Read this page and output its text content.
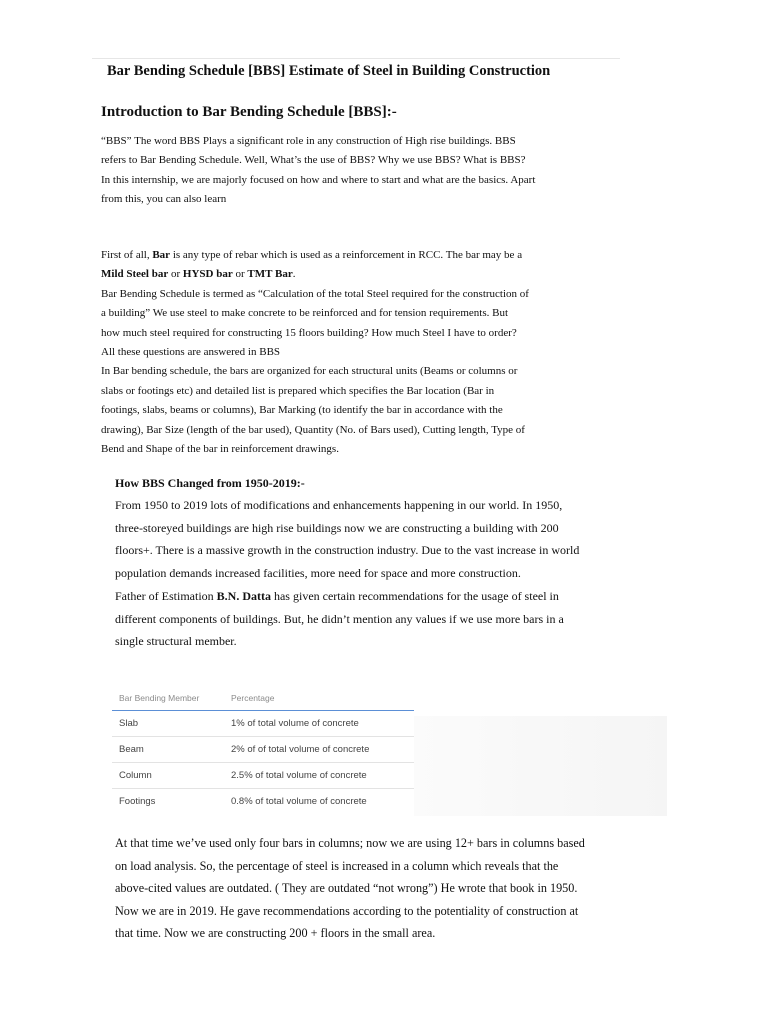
Bar Bending Schedule [BBS] Estimate of Steel in Building Construction
Introduction to Bar Bending Schedule [BBS]:-
“BBS” The word BBS Plays a significant role in any construction of High rise buildings. BBS
refers to Bar Bending Schedule. Well, What’s the use of BBS? Why we use BBS? What is BBS?
In this internship, we are majorly focused on how and where to start and what are the basics. Apart
from this, you can also learn
First of all, Bar is any type of rebar which is used as a reinforcement in RCC. The bar may be a
Mild Steel bar or HYSD bar or TMT Bar.
Bar Bending Schedule is termed as “Calculation of the total Steel required for the construction of
a building” We use steel to make concrete to be reinforced and for tension requirements. But
how much steel required for constructing 15 floors building? How much Steel I have to order?
All these questions are answered in BBS
In Bar bending schedule, the bars are organized for each structural units (Beams or columns or
slabs or footings etc) and detailed list is prepared which specifies the Bar location (Bar in
footings, slabs, beams or columns), Bar Marking (to identify the bar in accordance with the
drawing), Bar Size (length of the bar used), Quantity (No. of Bars used), Cutting length, Type of
Bend and Shape of the bar in reinforcement drawings.
How BBS Changed from 1950-2019:-
From 1950 to 2019 lots of modifications and enhancements happening in our world. In 1950,
three-storeyed buildings are high rise buildings now we are constructing a building with 200
floors+. There is a massive growth in the construction industry. Due to the vast increase in world
population demands increased facilities, more need for space and more construction.
Father of Estimation B.N. Datta has given certain recommendations for the usage of steel in
different components of buildings. But, he didn’t mention any values if we use more bars in a
single structural member.
Bar Bending Member	Percentage
Slab	1% of total volume of concrete
Beam	2% of of total volume of concrete
Column	2.5% of total volume of concrete
Footings	0.8% of total volume of concrete
At that time we’ve used only four bars in columns; now we are using 12+ bars in columns based
on load analysis. So, the percentage of steel is increased in a column which reveals that the
above-cited values are outdated. ( They are outdated “not wrong”) He wrote that book in 1950.
Now we are in 2019. He gave recommendations according to the potentiality of construction at
that time. Now we are constructing 200 + floors in the small area.
